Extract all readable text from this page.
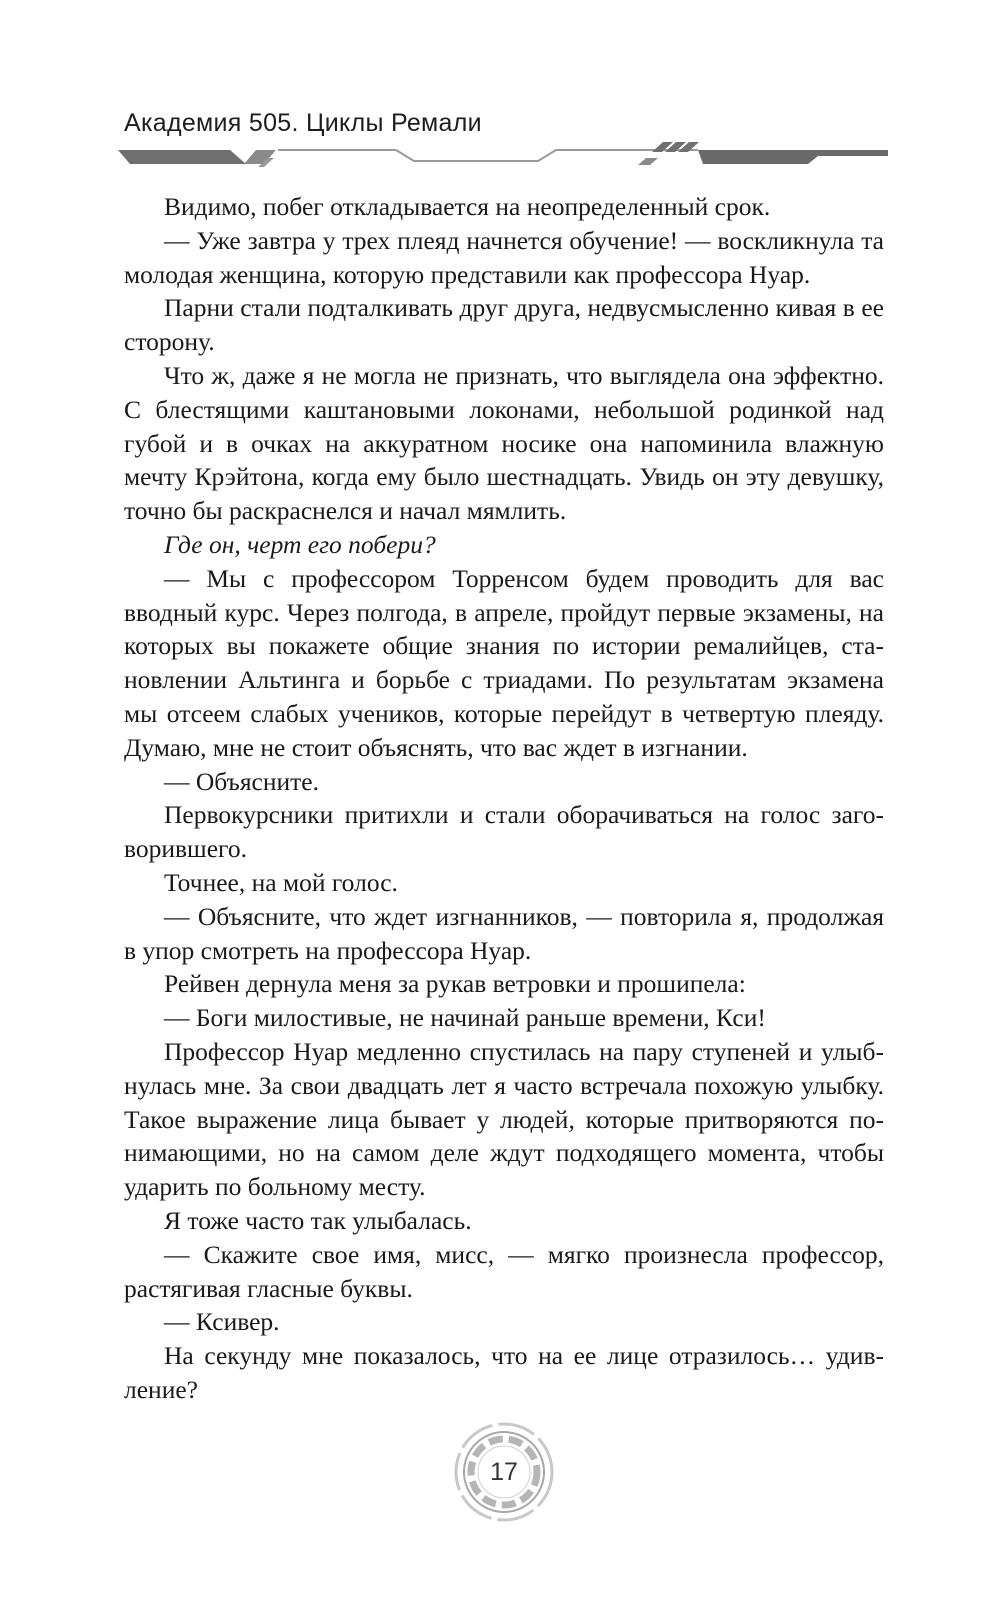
Академия 505. Циклы Ремали

Видимо, побег откладывается на неопределенный срок.

— Уже завтра у трех плеяд начнется обучение! — воскликнула та молодая женщина, которую представили как профессора Нуар.

Парни стали подталкивать друг друга, недвусмысленно кивая в ее сторону.

Что ж, даже я не могла не признать, что выглядела она эффектно. С блестящими каштановыми локонами, небольшой родинкой над губой и в очках на аккуратном носике она напоминила влажную мечту Крэйтона, когда ему было шестнадцать. Увидь он эту девушку, точно бы раскраснелся и начал мямлить.

Где он, черт его побери?

— Мы с профессором Торренсом будем проводить для вас вводный курс. Через полгода, в апреле, пройдут первые экзамены, на которых вы покажете общие знания по истории ремалийцев, становлении Альтинга и борьбе с триадами. По результатам экзамена мы отсеем слабых учеников, которые перейдут в четвертую плеяду. Думаю, мне не стоит объяснять, что вас ждет в изгнании.

— Объясните.

Первокурсники притихли и стали оборачиваться на голос заговорившего.

Точнее, на мой голос.

— Объясните, что ждет изгнанников, — повторила я, продолжая в упор смотреть на профессора Нуар.

Рейвен дернула меня за рукав ветровки и прошипела:

— Боги милостивые, не начинай раньше времени, Кси!

Профессор Нуар медленно спустилась на пару ступеней и улыбнулась мне. За свои двадцать лет я часто встречала похожую улыбку. Такое выражение лица бывает у людей, которые притворяются понимающими, но на самом деле ждут подходящего момента, чтобы ударить по больному месту.

Я тоже часто так улыбалась.

— Скажите свое имя, мисс, — мягко произнесла профессор, растягивая гласные буквы.

— Ксивер.

На секунду мне показалось, что на ее лице отразилось… удивление?

17
